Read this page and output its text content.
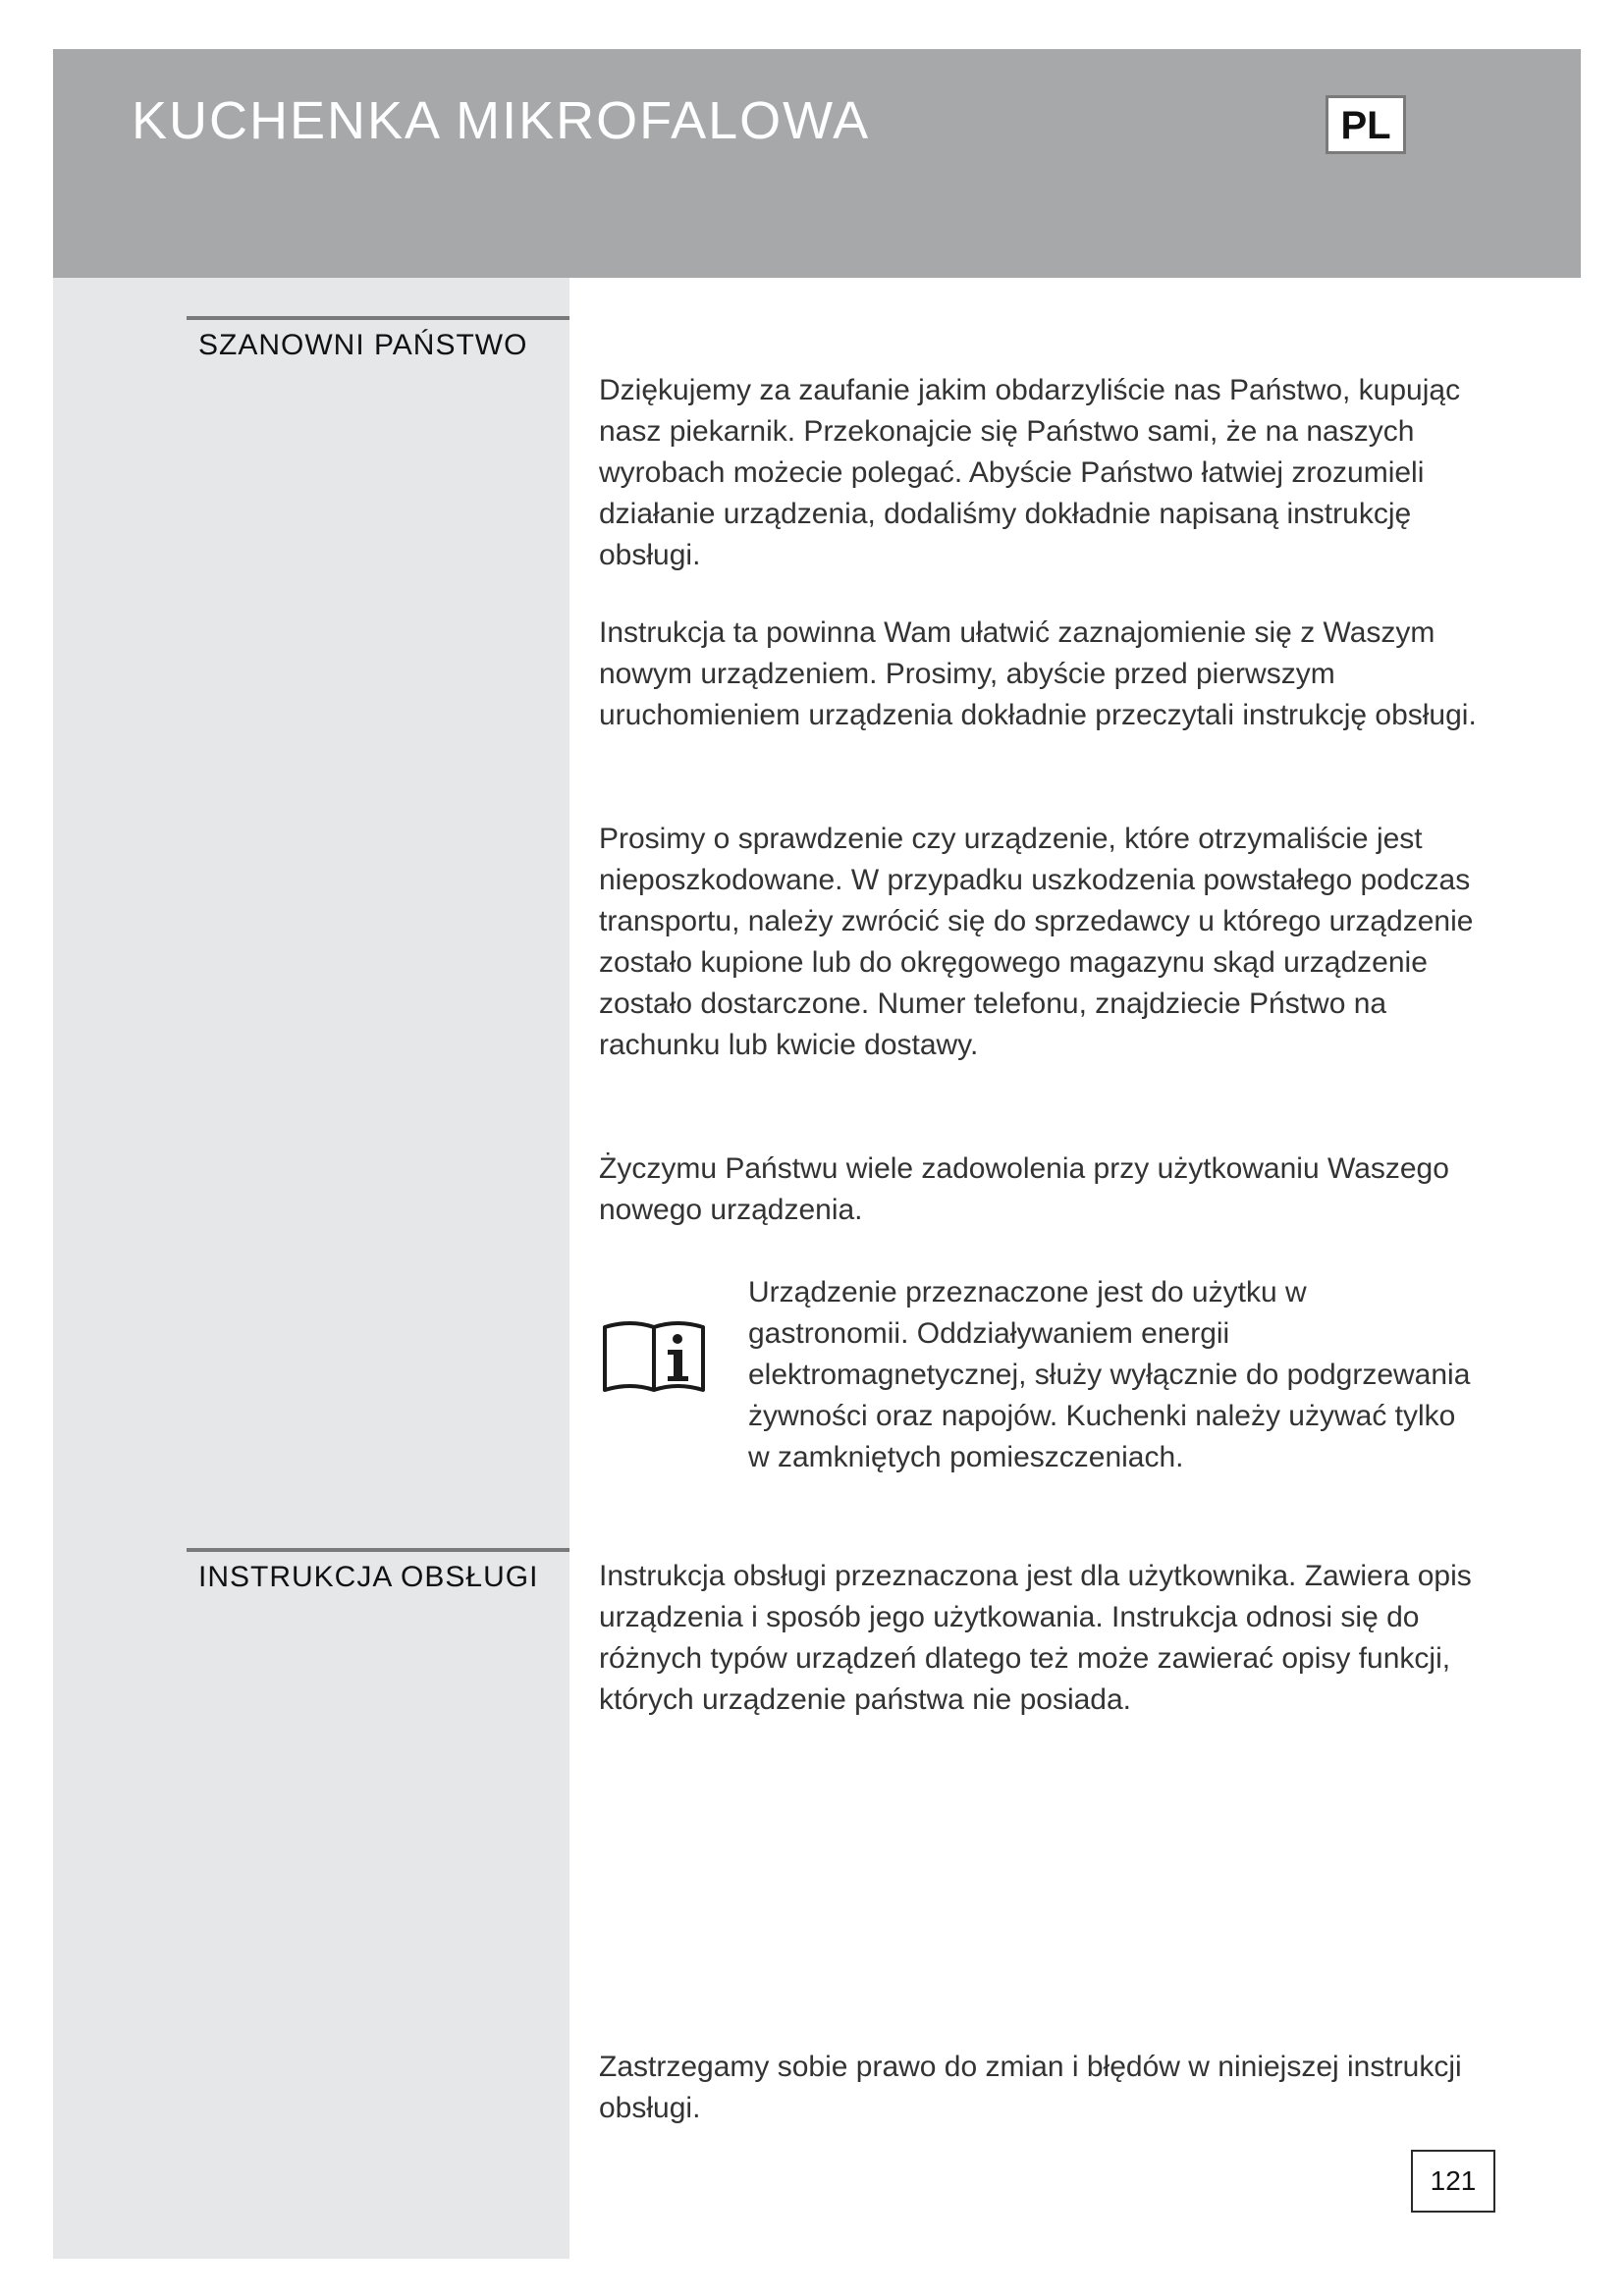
KUCHENKA MIKROFALOWA	PL
SZANOWNI PAŃSTWO

Dziękujemy za zaufanie jakim obdarzyliście nas Państwo, kupując nasz piekarnik. Przekonajcie się Państwo sami, że na naszych wyrobach możecie polegać. Abyście Państwo łatwiej zrozumieli działanie urządzenia, dodaliśmy dokładnie napisaną instrukcję obsługi.

Instrukcja ta powinna Wam ułatwić zaznajomienie się z Waszym nowym urządzeniem. Prosimy, abyście przed pierwszym uruchomieniem urządzenia dokładnie przeczytali instrukcję obsługi.

Prosimy o sprawdzenie czy urządzenie, które otrzymaliście jest nieposzkodowane. W przypadku uszkodzenia powstałego podczas transportu, należy zwrócić się do sprzedawcy u którego urządzenie zostało kupione lub do okręgowego magazynu skąd urządzenie zostało dostarczone. Numer telefonu, znajdziecie Pństwo na rachunku lub kwicie dostawy.

Życzymu Państwu wiele zadowolenia przy użytkowaniu Waszego nowego urządzenia.

Urządzenie przeznaczone jest do użytku w gastronomii. Oddziaływaniem energii elektromagnetycznej, służy wyłącznie do podgrzewania żywności oraz napojów. Kuchenki należy używać tylko w zamkniętych pomieszczeniach.

INSTRUKCJA OBSŁUGI Instrukcja obsługi przeznaczona jest dla użytkownika. Zawiera opis urządzenia i sposób jego użytkowania. Instrukcja odnosi się do różnych typów urządzeń dlatego też może zawierać opisy funkcji, których urządzenie państwa nie posiada.

Zastrzegamy sobie prawo do zmian i błędów w niniejszej instrukcji obsługi.

121
